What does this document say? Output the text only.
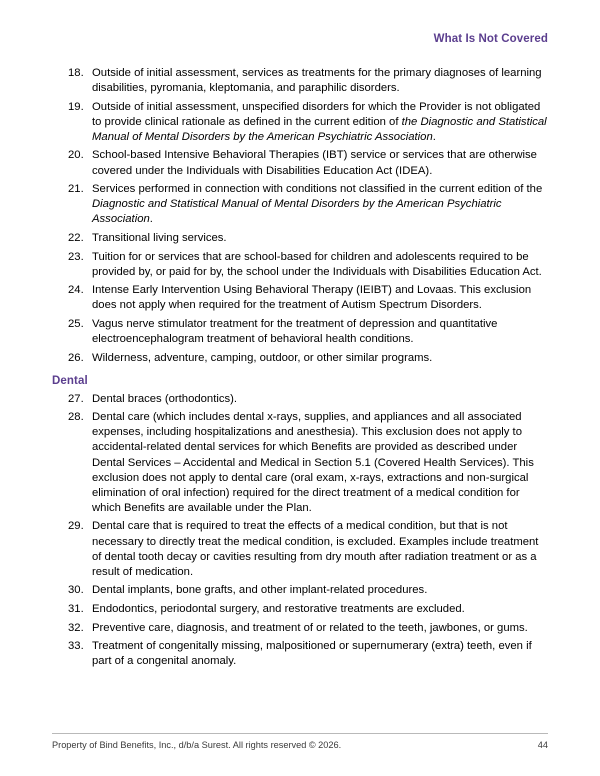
What Is Not Covered
18. Outside of initial assessment, services as treatments for the primary diagnoses of learning disabilities, pyromania, kleptomania, and paraphilic disorders.
19. Outside of initial assessment, unspecified disorders for which the Provider is not obligated to provide clinical rationale as defined in the current edition of the Diagnostic and Statistical Manual of Mental Disorders by the American Psychiatric Association.
20. School-based Intensive Behavioral Therapies (IBT) service or services that are otherwise covered under the Individuals with Disabilities Education Act (IDEA).
21. Services performed in connection with conditions not classified in the current edition of the Diagnostic and Statistical Manual of Mental Disorders by the American Psychiatric Association.
22. Transitional living services.
23. Tuition for or services that are school-based for children and adolescents required to be provided by, or paid for by, the school under the Individuals with Disabilities Education Act.
24. Intense Early Intervention Using Behavioral Therapy (IEIBT) and Lovaas. This exclusion does not apply when required for the treatment of Autism Spectrum Disorders.
25. Vagus nerve stimulator treatment for the treatment of depression and quantitative electroencephalogram treatment of behavioral health conditions.
26. Wilderness, adventure, camping, outdoor, or other similar programs.
Dental
27. Dental braces (orthodontics).
28. Dental care (which includes dental x-rays, supplies, and appliances and all associated expenses, including hospitalizations and anesthesia). This exclusion does not apply to accidental-related dental services for which Benefits are provided as described under Dental Services – Accidental and Medical in Section 5.1 (Covered Health Services). This exclusion does not apply to dental care (oral exam, x-rays, extractions and non-surgical elimination of oral infection) required for the direct treatment of a medical condition for which Benefits are available under the Plan.
29. Dental care that is required to treat the effects of a medical condition, but that is not necessary to directly treat the medical condition, is excluded. Examples include treatment of dental tooth decay or cavities resulting from dry mouth after radiation treatment or as a result of medication.
30. Dental implants, bone grafts, and other implant-related procedures.
31. Endodontics, periodontal surgery, and restorative treatments are excluded.
32. Preventive care, diagnosis, and treatment of or related to the teeth, jawbones, or gums.
33. Treatment of congenitally missing, malpositioned or supernumerary (extra) teeth, even if part of a congenital anomaly.
Property of Bind Benefits, Inc., d/b/a Surest. All rights reserved © 2026.	44
